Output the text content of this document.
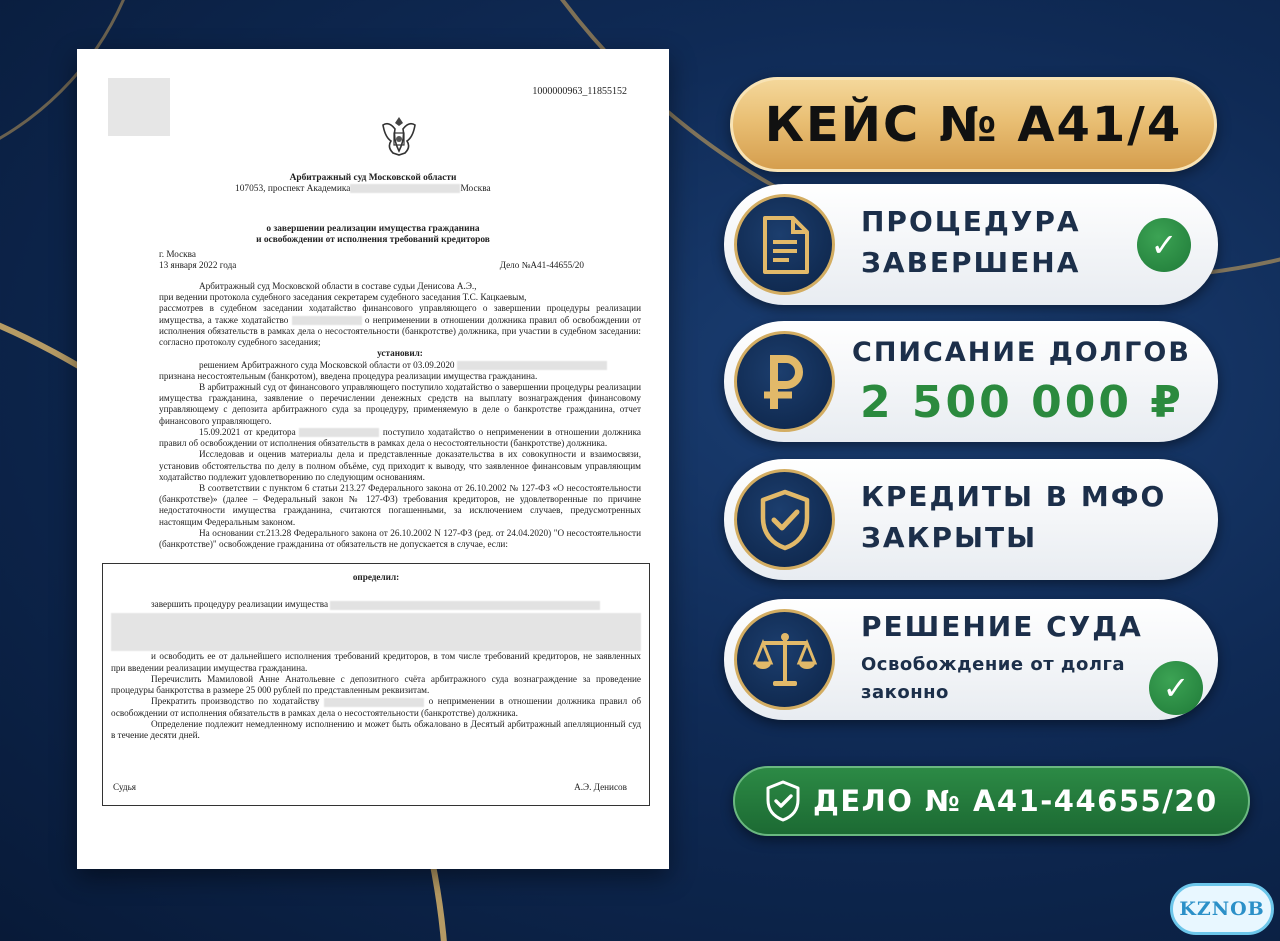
1000000963_11855152
Арбитражный суд Московской области
107053, проспект Академика	Москва
о завершении реализации имущества гражданина
и освобождении от исполнения требований кредиторов
г. Москва
13 января 2022 года	Дело №А41-44655/20

Арбитражный суд Московской области в составе судьи Денисова А.Э.,

при ведении протокола судебного заседания секретарем судебного заседания Т.С. Кацкаевым,

рассмотрев в судебном заседании ходатайство финансового управляющего о завершении процедуры реализации имущества, а также ходатайство	о неприменении в отношении должника правил об освобождении от исполнения обязательств в рамках дела о несостоятельности (банкротстве) должника, при участии в судебном заседании: согласно протоколу судебного заседания;

установил:

решением Арбитражного суда Московской области от 03.09.2020

признана несостоятельным (банкротом), введена процедура реализации имущества гражданина.

В арбитражный суд от финансового управляющего поступило ходатайство о завершении процедуры реализации имущества гражданина, заявление о перечислении денежных средств на выплату вознаграждения финансовому управляющему с депозита арбитражного суда за процедуру, применяемую в деле о банкротстве гражданина, отчет финансового управляющего.

15.09.2021 от кредитора	поступило ходатайство о неприменении в отношении должника правил об освобождении от исполнения обязательств в рамках дела о несостоятельности (банкротстве) должника.

Исследовав и оценив материалы дела и представленные доказательства в их совокупности и взаимосвязи, установив обстоятельства по делу в полном объёме, суд приходит к выводу, что заявленное финансовым управляющим ходатайство подлежит удовлетворению по следующим основаниям.

В соответствии с пунктом 6 статьи 213.27 Федерального закона от 26.10.2002 № 127-ФЗ «О несостоятельности (банкротстве)» (далее – Федеральный закон № 127-ФЗ) требования кредиторов, не удовлетворенные по причине недостаточности имущества гражданина, считаются погашенными, за исключением случаев, предусмотренных настоящим Федеральным законом.

На основании ст.213.28 Федерального закона от 26.10.2002 N 127-ФЗ (ред. от 24.04.2020) "О несостоятельности (банкротстве)" освобождение гражданина от обязательств не допускается в случае, если:

определил:

завершить процедуру реализации имущества

и освободить ее от дальнейшего исполнения требований кредиторов, в том числе требований кредиторов, не заявленных при введении реализации имущества гражданина.

Перечислить Мамиловой Анне Анатольевне с депозитного счёта арбитражного суда вознаграждение за проведение процедуры банкротства в размере 25 000 рублей по представленным реквизитам.

Прекратить производство по ходатайству	о неприменении в отношении должника правил об освобождении от исполнения обязательств в рамках дела о несостоятельности (банкротстве) должника.

Определение подлежит немедленному исполнению и может быть обжаловано в Десятый арбитражный апелляционный суд в течение десяти дней.

Судья	А.Э. Денисов
КЕЙС № А41/4
ПРОЦЕДУРА
ЗАВЕРШЕНА	✓
СПИСАНИЕ ДОЛГОВ
2 500 000 ₽
КРЕДИТЫ В МФО
ЗАКРЫТЫ
РЕШЕНИЕ СУДА
Освобождение от долга
законно	✓
ДЕЛО № А41-44655/20
KZNOB
